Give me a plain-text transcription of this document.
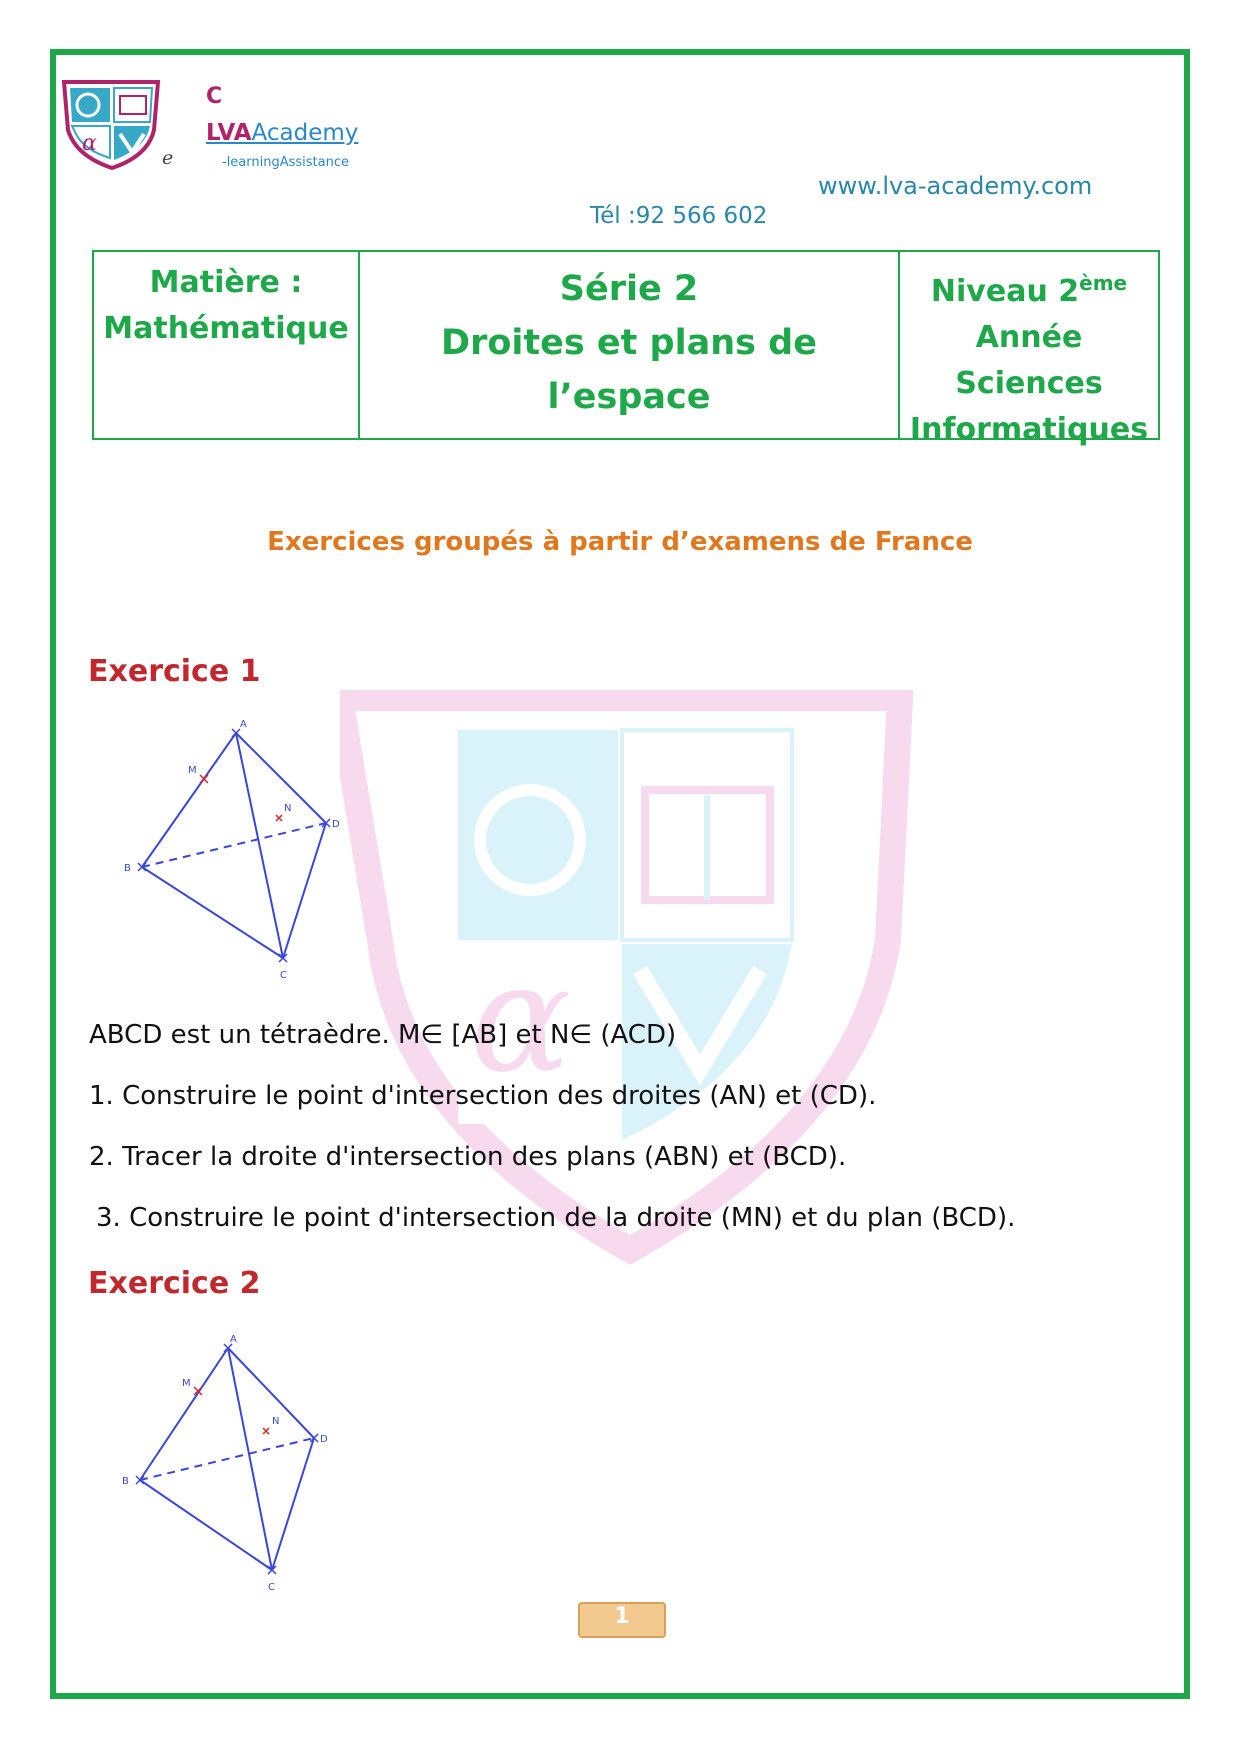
α
C
LVAAcademy
e	-learningAssistance
www.lva-academy.com
Tél :92 566 602
Matière :
Mathématique
Série 2
Droites et plans de l’espace
Niveau 2ème
Année
Sciences
Informatiques
Exercices groupés à partir d’examens de France
α
Exercice 1
A
B
C
D
M
N
ABCD est un tétraèdre. M∈ [AB] et N∈ (ACD)
1. Construire le point d'intersection des droites (AN) et (CD).
2. Tracer la droite d'intersection des plans (ABN) et (BCD).
3. Construire le point d'intersection de la droite (MN) et du plan (BCD).
Exercice 2
A
B
C
D
M
N
1
